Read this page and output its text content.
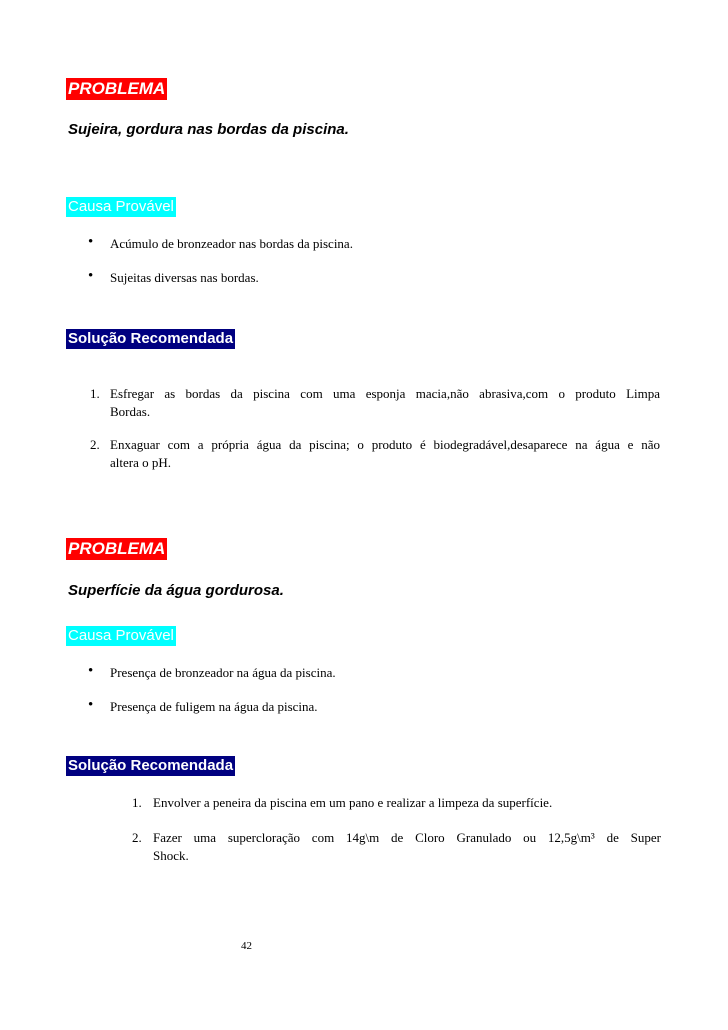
PROBLEMA
Sujeira, gordura nas bordas da piscina.
Causa Provável
• Acúmulo de bronzeador nas bordas da piscina.
• Sujeitas diversas nas bordas.
Solução Recomendada
1. Esfregar as bordas da piscina com uma esponja macia,não abrasiva,com o produto Limpa
Bordas.
2. Enxaguar com a própria água da piscina; o produto é biodegradável,desaparece na água e não
altera o pH.
PROBLEMA
Superfície da água gordurosa.
Causa Provável
• Presença de bronzeador na água da piscina.
• Presença de fuligem na água da piscina.
Solução Recomendada
1. Envolver a peneira da piscina em um pano e realizar a limpeza da superfície.
2. Fazer uma supercloração com 14g\m de Cloro Granulado ou 12,5g\m³ de Super
Shock.
42
